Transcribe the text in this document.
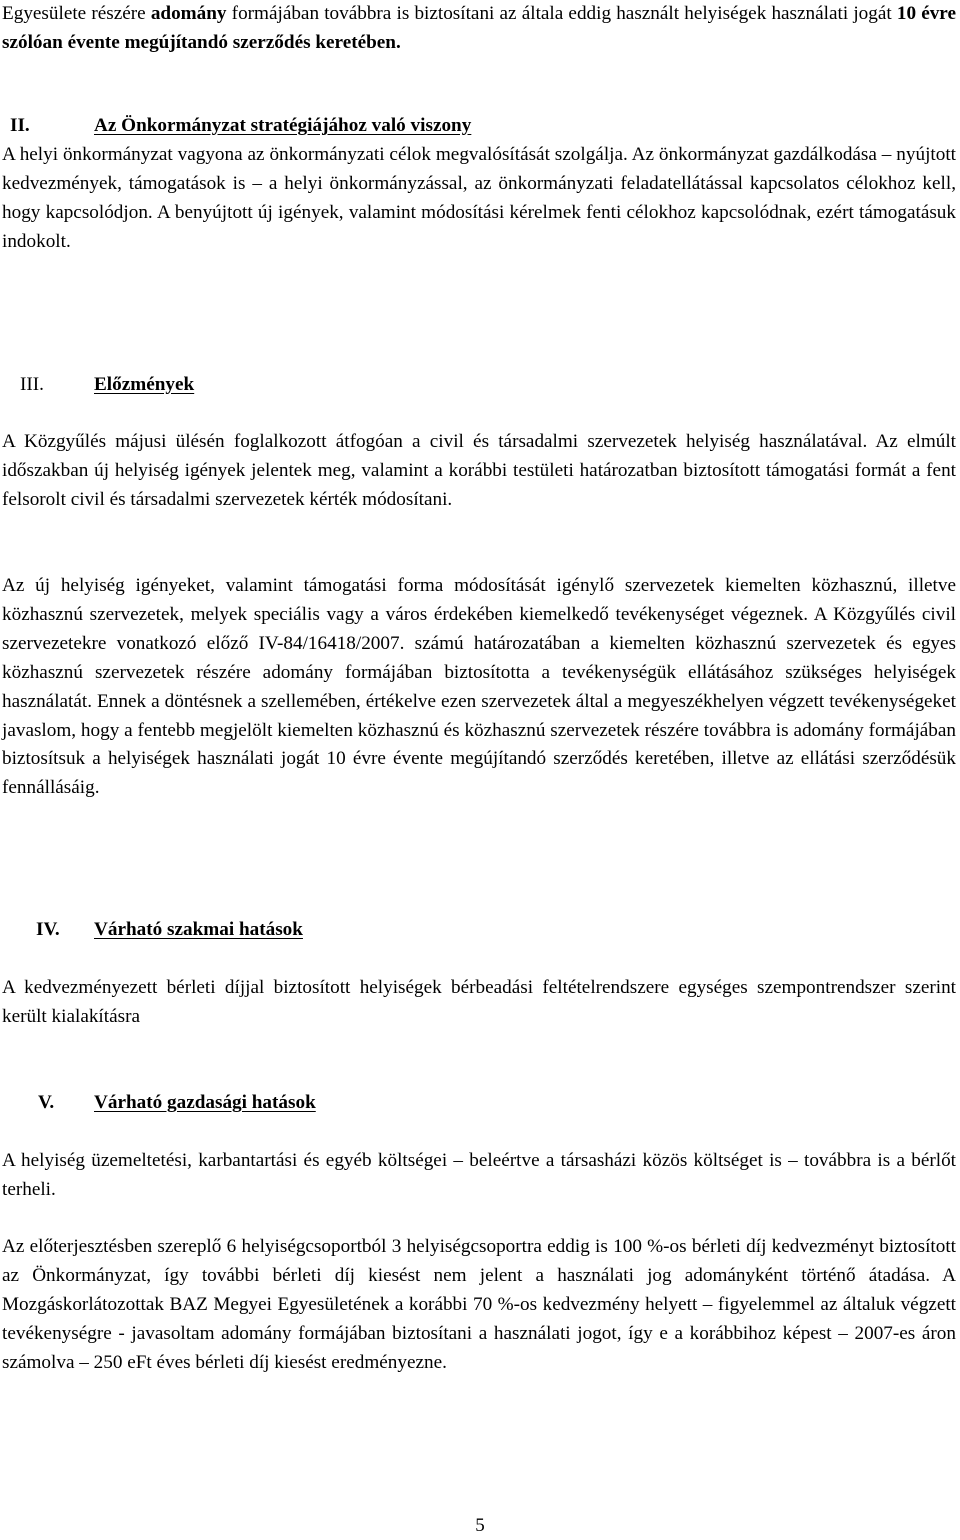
Egyesülete részére adomány formájában továbbra is biztosítani az általa eddig használt helyiségek használati jogát 10 évre szólóan évente megújítandó szerződés keretében.

II.	Az Önkormányzat stratégiájához való viszony

A helyi önkormányzat vagyona az önkormányzati célok megvalósítását szolgálja. Az önkormányzat gazdálkodása – nyújtott kedvezmények, támogatások is – a helyi önkormányzással, az önkormányzati feladatellátással kapcsolatos célokhoz kell, hogy kapcsolódjon. A benyújtott új igények, valamint módosítási kérelmek fenti célokhoz kapcsolódnak, ezért támogatásuk indokolt.

III.	Előzmények

A Közgyűlés májusi ülésén foglalkozott átfogóan a civil és társadalmi szervezetek helyiség használatával. Az elmúlt időszakban új helyiség igények jelentek meg, valamint a korábbi testületi határozatban biztosított támogatási formát a fent felsorolt civil és társadalmi szervezetek kérték módosítani.

Az új helyiség igényeket, valamint támogatási forma módosítását igénylő szervezetek kiemelten közhasznú, illetve közhasznú szervezetek, melyek speciális vagy a város érdekében kiemelkedő tevékenységet végeznek. A Közgyűlés civil szervezetekre vonatkozó előző IV-84/16418/2007. számú határozatában a kiemelten közhasznú szervezetek és egyes közhasznú szervezetek részére adomány formájában biztosította a tevékenységük ellátásához szükséges helyiségek használatát. Ennek a döntésnek a szellemében, értékelve ezen szervezetek által a megyeszékhelyen végzett tevékenységeket javaslom, hogy a fentebb megjelölt kiemelten közhasznú és közhasznú szervezetek részére továbbra is adomány formájában biztosítsuk a helyiségek használati jogát 10 évre évente megújítandó szerződés keretében, illetve az ellátási szerződésük fennállásáig.

IV. Várható szakmai hatások

A kedvezményezett bérleti díjjal biztosított helyiségek bérbeadási feltételrendszere egységes szempontrendszer szerint került kialakításra

V. Várható gazdasági hatások

A helyiség üzemeltetési, karbantartási és egyéb költségei – beleértve a társasházi közös költséget is – továbbra is a bérlőt terheli.

Az előterjesztésben szereplő 6 helyiségcsoportból 3 helyiségcsoportra eddig is 100 %-os bérleti díj kedvezményt biztosított az Önkormányzat, így további bérleti díj kiesést nem jelent a használati jog adományként történő átadása. A Mozgáskorlátozottak BAZ Megyei Egyesületének a korábbi 70 %-os kedvezmény helyett – figyelemmel az általuk végzett tevékenységre - javasoltam adomány formájában biztosítani a használati jogot, így e a korábbihoz képest – 2007-es áron számolva – 250 eFt éves bérleti díj kiesést eredményezne.

5
